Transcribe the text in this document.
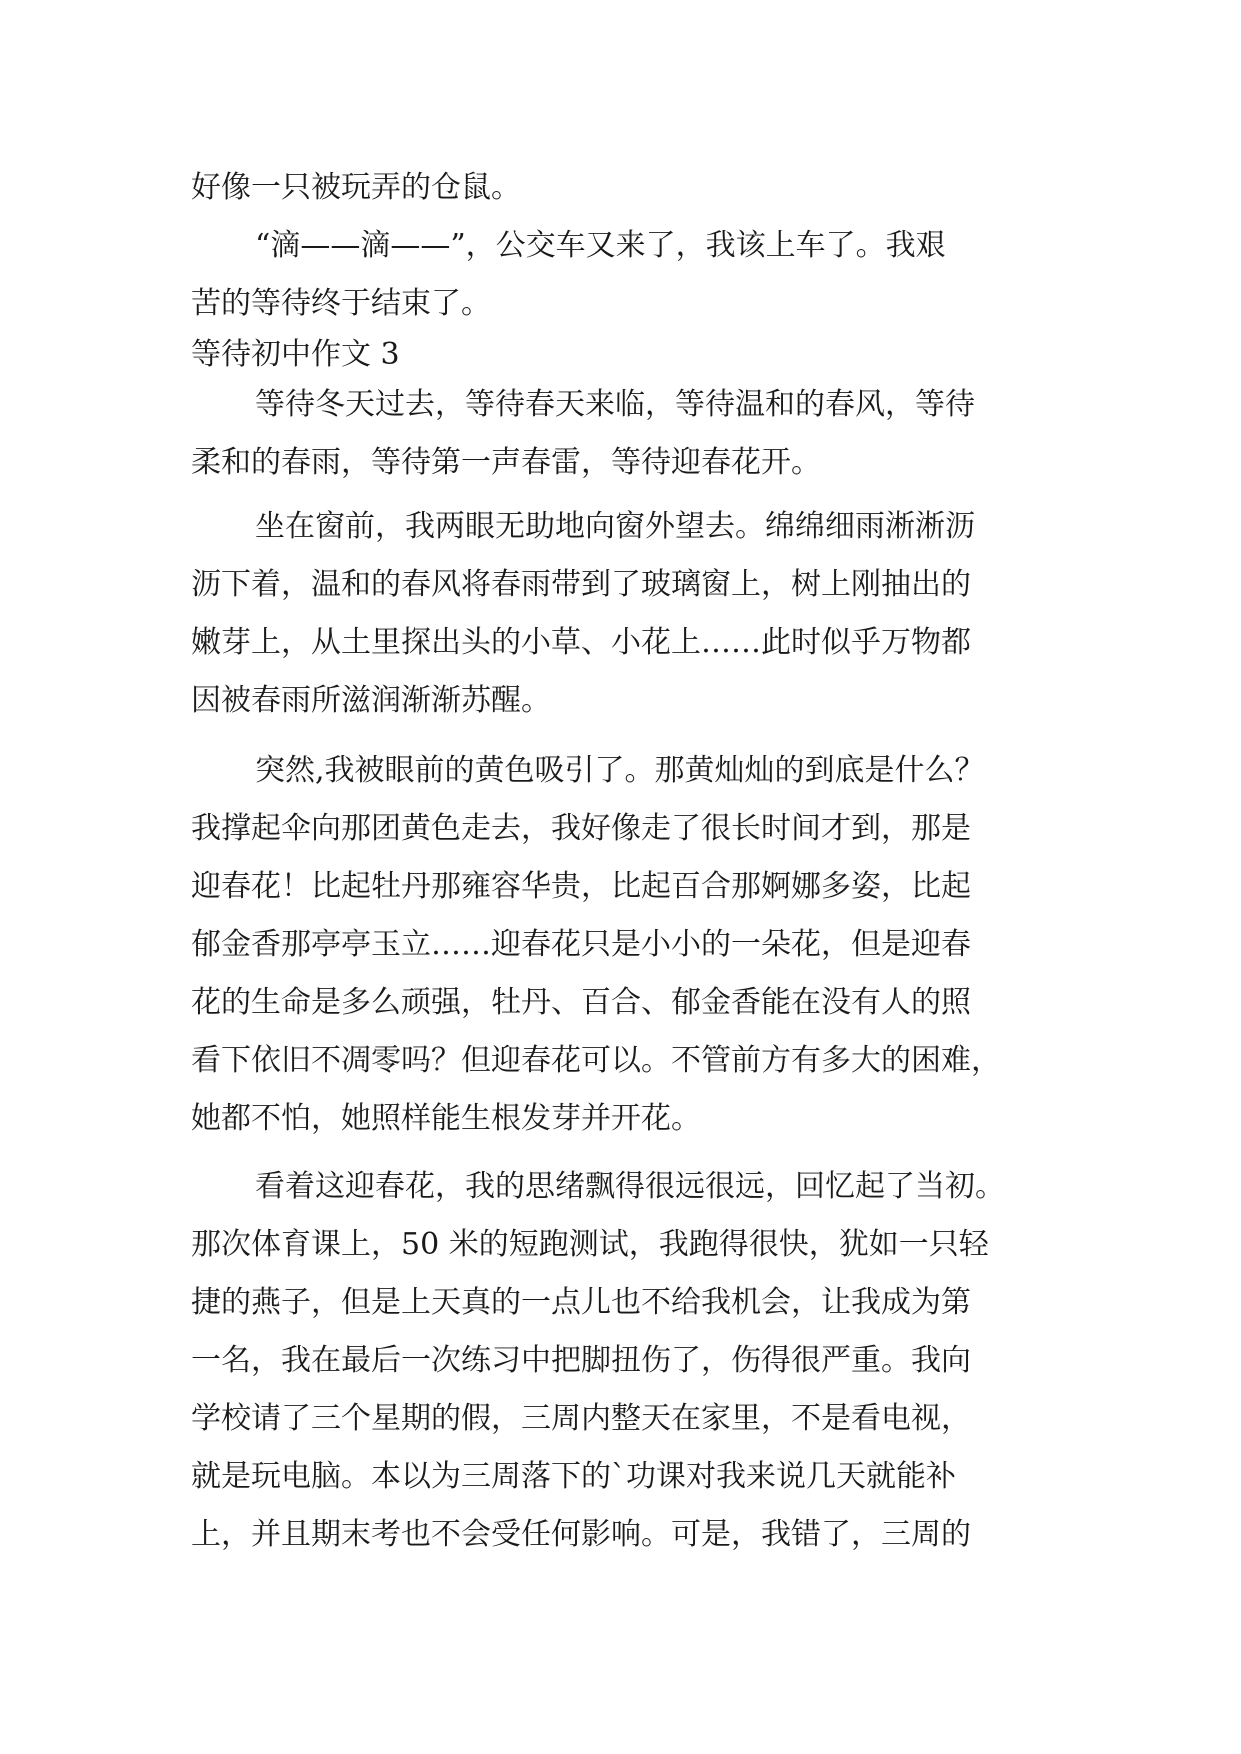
好像一只被玩弄的仓鼠。
“滴——滴——”，公交车又来了，我该上车了。我艰
苦的等待终于结束了。
等待初中作文 3
等待冬天过去，等待春天来临，等待温和的春风，等待
柔和的春雨，等待第一声春雷，等待迎春花开。
坐在窗前，我两眼无助地向窗外望去。绵绵细雨淅淅沥
沥下着，温和的春风将春雨带到了玻璃窗上，树上刚抽出的
嫩芽上，从土里探出头的小草、小花上……此时似乎万物都
因被春雨所滋润渐渐苏醒。
突然,我被眼前的黄色吸引了。那黄灿灿的到底是什么？
我撑起伞向那团黄色走去，我好像走了很长时间才到，那是
迎春花！比起牡丹那雍容华贵，比起百合那婀娜多姿，比起
郁金香那亭亭玉立……迎春花只是小小的一朵花，但是迎春
花的生命是多么顽强，牡丹、百合、郁金香能在没有人的照
看下依旧不凋零吗？但迎春花可以。不管前方有多大的困难，
她都不怕，她照样能生根发芽并开花。
看着这迎春花，我的思绪飘得很远很远，回忆起了当初。
那次体育课上，50 米的短跑测试，我跑得很快，犹如一只轻
捷的燕子，但是上天真的一点儿也不给我机会，让我成为第
一名，我在最后一次练习中把脚扭伤了，伤得很严重。我向
学校请了三个星期的假，三周内整天在家里，不是看电视，
就是玩电脑。本以为三周落下的`功课对我来说几天就能补
上，并且期末考也不会受任何影响。可是，我错了，三周的
